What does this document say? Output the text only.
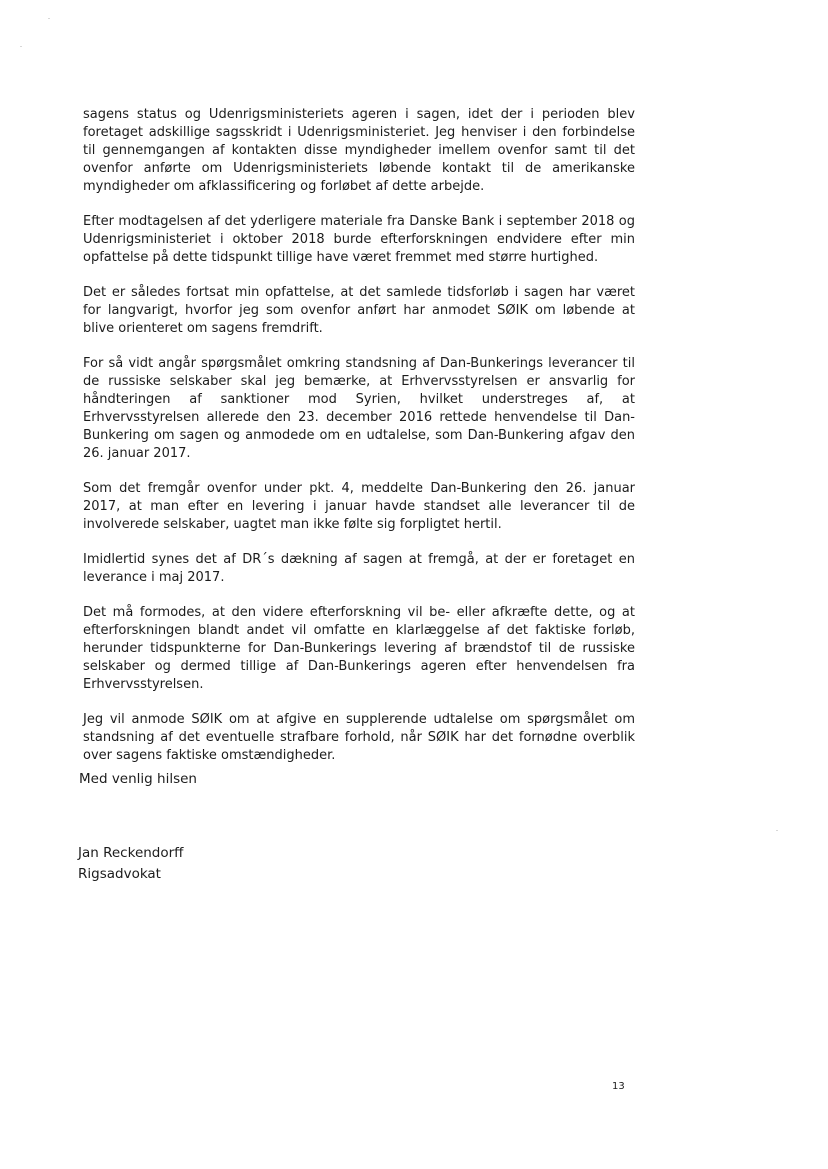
sagens status og Udenrigsministeriets ageren i sagen, idet der i perioden blev foretaget adskillige sagsskridt i Udenrigsministeriet. Jeg henviser i den forbindelse til gennemgangen af kontakten disse myndigheder imellem ovenfor samt til det ovenfor anførte om Udenrigsministeriets løbende kontakt til de amerikanske myndigheder om afklassificering og forløbet af dette arbejde.

Efter modtagelsen af det yderligere materiale fra Danske Bank i september 2018 og Udenrigsministeriet i oktober 2018 burde efterforskningen endvidere efter min opfattelse på dette tidspunkt tillige have været fremmet med større hurtighed.

Det er således fortsat min opfattelse, at det samlede tidsforløb i sagen har været for langvarigt, hvorfor jeg som ovenfor anført har anmodet SØIK om løbende at blive orienteret om sagens fremdrift.

For så vidt angår spørgsmålet omkring standsning af Dan-Bunkerings leverancer til de russiske selskaber skal jeg bemærke, at Erhvervsstyrelsen er ansvarlig for håndteringen af sanktioner mod Syrien, hvilket understreges af, at Erhvervsstyrelsen allerede den 23. december 2016 rettede henvendelse til Dan-Bunkering om sagen og anmodede om en udtalelse, som Dan-Bunkering afgav den 26. januar 2017.

Som det fremgår ovenfor under pkt. 4, meddelte Dan-Bunkering den 26. januar 2017, at man efter en levering i januar havde standset alle leverancer til de involverede selskaber, uagtet man ikke følte sig forpligtet hertil.

Imidlertid synes det af DR´s dækning af sagen at fremgå, at der er foretaget en leverance i maj 2017.

Det må formodes, at den videre efterforskning vil be- eller afkræfte dette, og at efterforskningen blandt andet vil omfatte en klarlæggelse af det faktiske forløb, herunder tidspunkterne for Dan-Bunkerings levering af brændstof til de russiske selskaber og dermed tillige af Dan-Bunkerings ageren efter henvendelsen fra Erhvervsstyrelsen.

Jeg vil anmode SØIK om at afgive en supplerende udtalelse om spørgsmålet om standsning af det eventuelle strafbare forhold, når SØIK har det fornødne overblik over sagens faktiske omstændigheder.

Med venlig hilsen
Jan Reckendorff
Rigsadvokat
13
